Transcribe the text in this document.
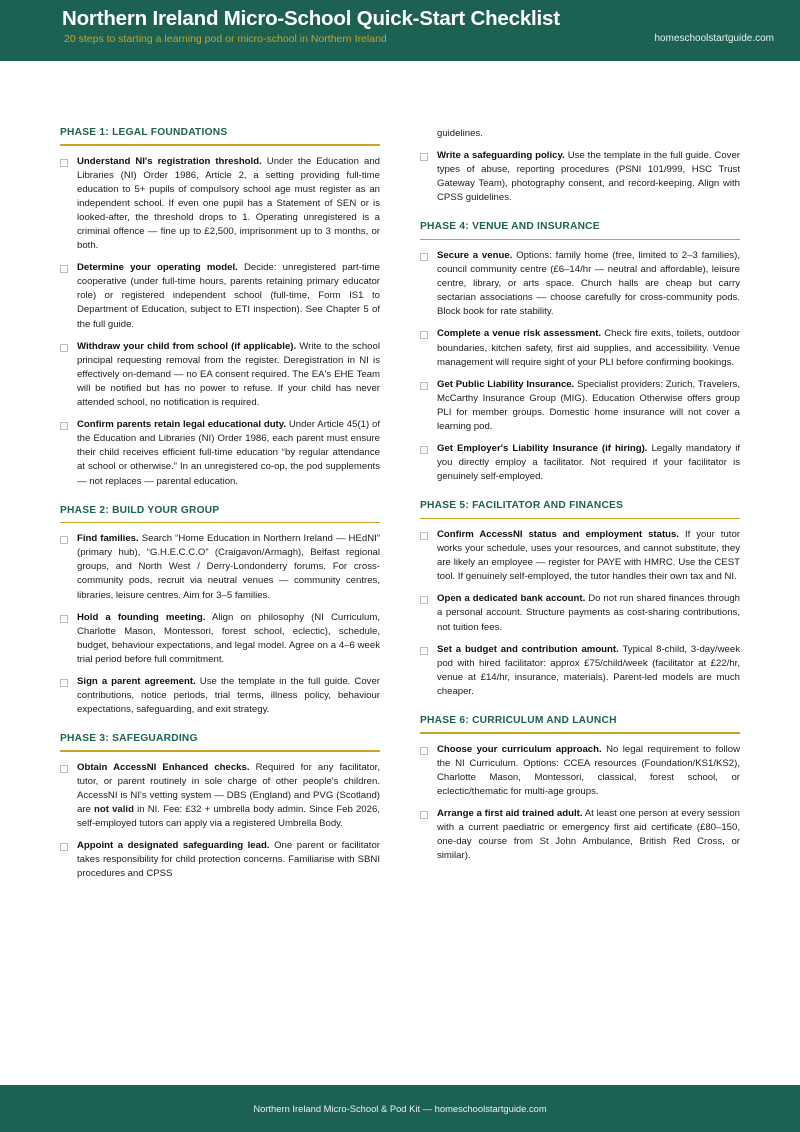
Northern Ireland Micro-School Quick-Start Checklist
20 steps to starting a learning pod or micro-school in Northern Ireland	homeschoolstartguide.com
PHASE 1: LEGAL FOUNDATIONS
Understand NI's registration threshold. Under the Education and Libraries (NI) Order 1986, Article 2, a setting providing full-time education to 5+ pupils of compulsory school age must register as an independent school. If even one pupil has a Statement of SEN or is looked-after, the threshold drops to 1. Operating unregistered is a criminal offence — fine up to £2,500, imprisonment up to 3 months, or both.
Determine your operating model. Decide: unregistered part-time cooperative (under full-time hours, parents retaining primary educator role) or registered independent school (full-time, Form IS1 to Department of Education, subject to ETI inspection). See Chapter 5 of the full guide.
Withdraw your child from school (if applicable). Write to the school principal requesting removal from the register. Deregistration in NI is effectively on-demand — no EA consent required. The EA's EHE Team will be notified but has no power to refuse. If your child has never attended school, no notification is required.
Confirm parents retain legal educational duty. Under Article 45(1) of the Education and Libraries (NI) Order 1986, each parent must ensure their child receives efficient full-time education “by regular attendance at school or otherwise.” In an unregistered co-op, the pod supplements — not replaces — parental education.
PHASE 2: BUILD YOUR GROUP
Find families. Search “Home Education in Northern Ireland — HEdNI” (primary hub), “G.H.E.C.C.O” (Craigavon/Armagh), Belfast regional groups, and North West / Derry-Londonderry forums. For cross-community pods, recruit via neutral venues — community centres, libraries, leisure centres. Aim for 3–5 families.
Hold a founding meeting. Align on philosophy (NI Curriculum, Charlotte Mason, Montessori, forest school, eclectic), schedule, budget, behaviour expectations, and legal model. Agree on a 4–6 week trial period before full commitment.
Sign a parent agreement. Use the template in the full guide. Cover contributions, notice periods, trial terms, illness policy, behaviour expectations, safeguarding, and exit strategy.
PHASE 3: SAFEGUARDING
Obtain AccessNI Enhanced checks. Required for any facilitator, tutor, or parent routinely in sole charge of other people's children. AccessNI is NI's vetting system — DBS (England) and PVG (Scotland) are not valid in NI. Fee: £32 + umbrella body admin. Since Feb 2026, self-employed tutors can apply via a registered Umbrella Body.
Appoint a designated safeguarding lead. One parent or facilitator takes responsibility for child protection concerns. Familiarise with SBNI procedures and CPSS
guidelines.
Write a safeguarding policy. Use the template in the full guide. Cover types of abuse, reporting procedures (PSNI 101/999, HSC Trust Gateway Team), photography consent, and record-keeping. Align with CPSS guidelines.
PHASE 4: VENUE AND INSURANCE
Secure a venue. Options: family home (free, limited to 2–3 families), council community centre (£6–14/hr — neutral and affordable), leisure centre, library, or arts space. Church halls are cheap but carry sectarian associations — choose carefully for cross-community pods. Block book for rate stability.
Complete a venue risk assessment. Check fire exits, toilets, outdoor boundaries, kitchen safety, first aid supplies, and accessibility. Venue management will require sight of your PLI before confirming bookings.
Get Public Liability Insurance. Specialist providers: Zurich, Travelers, McCarthy Insurance Group (MIG). Education Otherwise offers group PLI for member groups. Domestic home insurance will not cover a learning pod.
Get Employer's Liability Insurance (if hiring). Legally mandatory if you directly employ a facilitator. Not required if your facilitator is genuinely self-employed.
PHASE 5: FACILITATOR AND FINANCES
Confirm AccessNI status and employment status. If your tutor works your schedule, uses your resources, and cannot substitute, they are likely an employee — register for PAYE with HMRC. Use the CEST tool. If genuinely self-employed, the tutor handles their own tax and NI.
Open a dedicated bank account. Do not run shared finances through a personal account. Structure payments as cost-sharing contributions, not tuition fees.
Set a budget and contribution amount. Typical 8-child, 3-day/week pod with hired facilitator: approx £75/child/week (facilitator at £22/hr, venue at £14/hr, insurance, materials). Parent-led models are much cheaper.
PHASE 6: CURRICULUM AND LAUNCH
Choose your curriculum approach. No legal requirement to follow the NI Curriculum. Options: CCEA resources (Foundation/KS1/KS2), Charlotte Mason, Montessori, classical, forest school, or eclectic/thematic for multi-age groups.
Arrange a first aid trained adult. At least one person at every session with a current paediatric or emergency first aid certificate (£80–150, one-day course from St John Ambulance, British Red Cross, or similar).
Northern Ireland Micro-School & Pod Kit — homeschoolstartguide.com
